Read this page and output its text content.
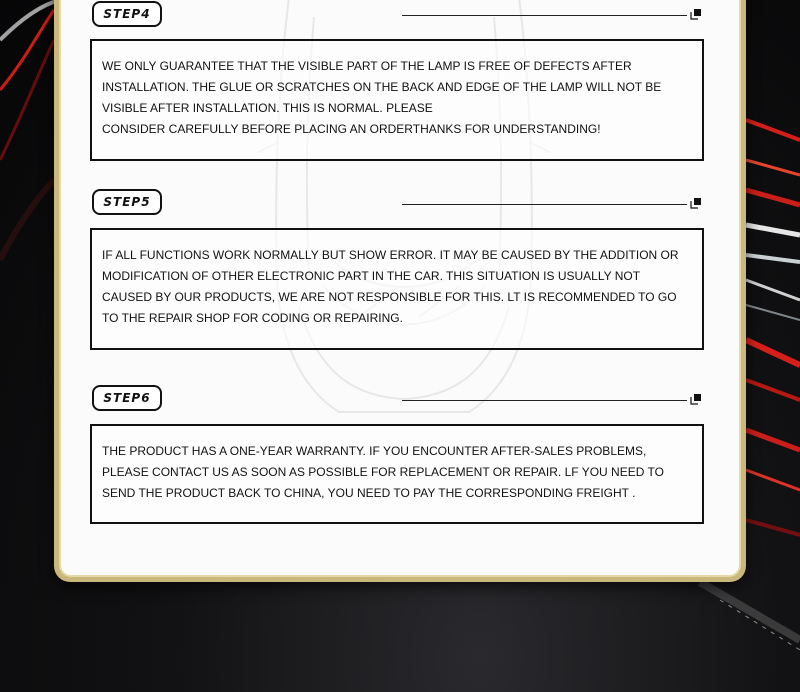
STEP4

WE ONLY GUARANTEE THAT THE VISIBLE PART OF THE LAMP IS FREE OF DEFECTS AFTER INSTALLATION. THE GLUE OR SCRATCHES ON THE BACK AND EDGE OF THE LAMP WILL NOT BE VISIBLE AFTER INSTALLATION. THIS IS NORMAL. PLEASE

CONSIDER CAREFULLY BEFORE PLACING AN ORDERTHANKS FOR UNDERSTANDING!

STEP5

IF ALL FUNCTIONS WORK NORMALLY BUT SHOW ERROR. IT MAY BE CAUSED BY THE ADDITION OR MODIFICATION OF OTHER ELECTRONIC PART IN THE CAR. THIS SITUATION IS USUALLY NOT CAUSED BY OUR PRODUCTS, WE ARE NOT RESPONSIBLE FOR THIS. LT IS RECOMMENDED TO GO TO THE REPAIR SHOP FOR CODING OR REPAIRING.

STEP6

THE PRODUCT HAS A ONE-YEAR WARRANTY. IF YOU ENCOUNTER AFTER-SALES PROBLEMS, PLEASE CONTACT US AS SOON AS POSSIBLE FOR REPLACEMENT OR REPAIR. LF YOU NEED TO SEND THE PRODUCT BACK TO CHINA, YOU NEED TO PAY THE CORRESPONDING FREIGHT .
